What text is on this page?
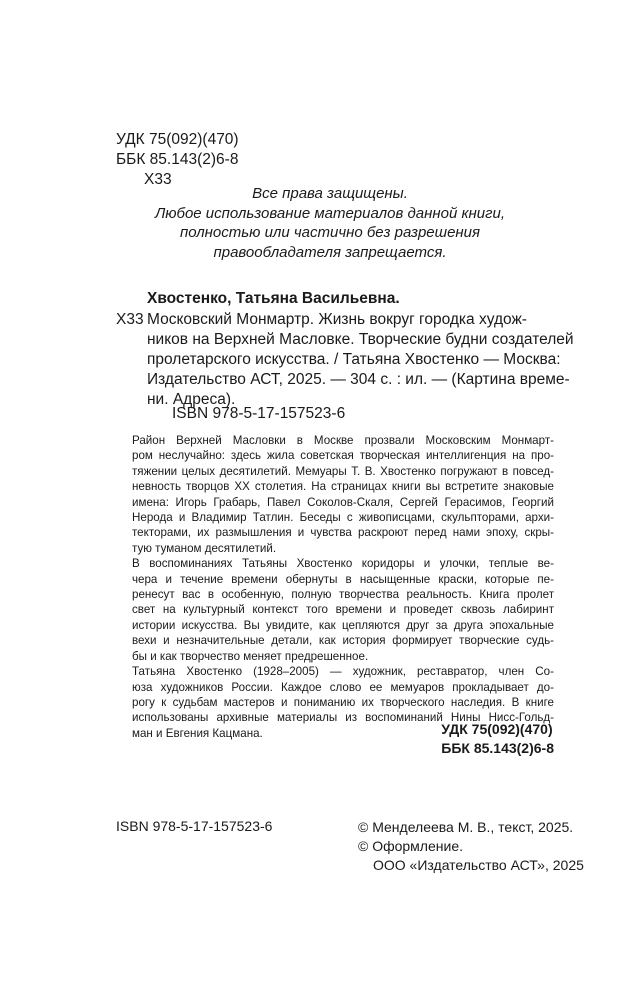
УДК 75(092)(470)
ББК 85.143(2)6-8
Х33
Все права защищены.
Любое использование материалов данной книги,
полностью или частично без разрешения
правообладателя запрещается.
Хвостенко, Татьяна Васильевна.
Х33 Московский Монмартр. Жизнь вокруг городка худож-
ников на Верхней Масловке. Творческие будни создателей
пролетарского искусства. / Татьяна Хвостенко — Москва:
Издательство АСТ, 2025. — 304 с. : ил. — (Картина време-
ни. Адреса).
ISBN 978-5-17-157523-6

Район Верхней Масловки в Москве прозвали Московским Монмарт-
ром неслучайно: здесь жила советская творческая интеллигенция на про-
тяжении целых десятилетий. Мемуары Т. В. Хвостенко погружают в повсед-
невность творцов XX столетия. На страницах книги вы встретите знаковые
имена: Игорь Грабарь, Павел Соколов-Скаля, Сергей Герасимов, Георгий
Нерода и Владимир Татлин. Беседы с живописцами, скульпторами, архи-
текторами, их размышления и чувства раскроют перед нами эпоху, скры-
тую туманом десятилетий.

В воспоминаниях Татьяны Хвостенко коридоры и улочки, теплые ве-
чера и течение времени обернуты в насыщенные краски, которые пе-
ренесут вас в особенную, полную творчества реальность. Книга пролет
свет на культурный контекст того времени и проведет сквозь лабиринт
истории искусства. Вы увидите, как цепляются друг за друга эпохальные
вехи и незначительные детали, как история формирует творческие судь-
бы и как творчество меняет предрешенное.

Татьяна Хвостенко (1928–2005) — художник, реставратор, член Со-
юза художников России. Каждое слово ее мемуаров прокладывает до-
рогу к судьбам мастеров и пониманию их творческого наследия. В книге
использованы архивные материалы из воспоминаний Нины Нисс-Гольд-
ман и Евгения Кацмана.	УДК 75(092)(470)
ББК 85.143(2)6-8
ISBN 978-5-17-157523-6	© Менделеева М. В., текст, 2025.
© Оформление.
ООО «Издательство АСТ», 2025
